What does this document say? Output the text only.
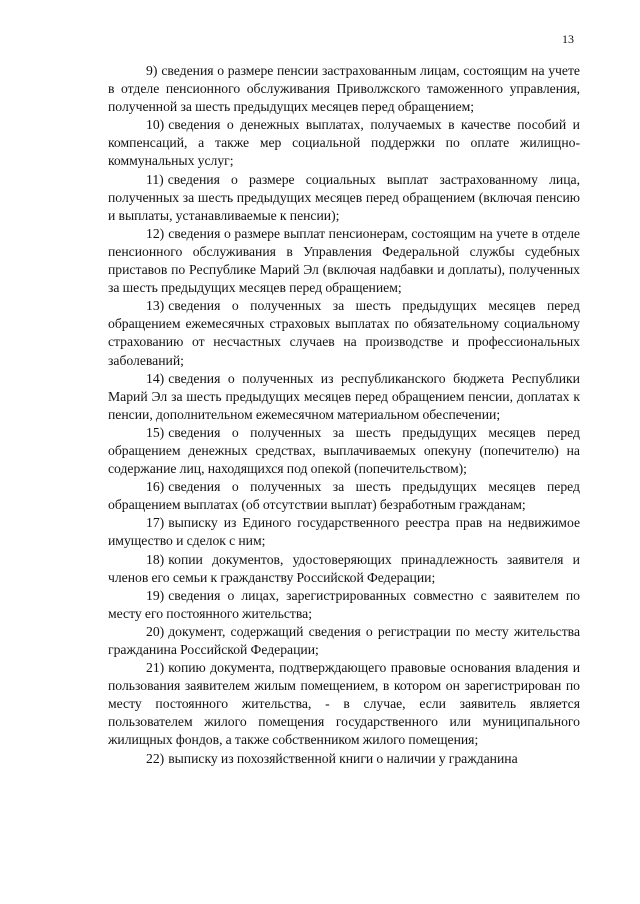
13

9) сведения о размере пенсии застрахованным лицам, состоящим на учете в отделе пенсионного обслуживания Приволжского таможенного управления, полученной за шесть предыдущих месяцев перед обращением;

10) сведения о денежных выплатах, получаемых в качестве пособий и компенсаций, а также мер социальной поддержки по оплате жилищно-коммунальных услуг;

11) сведения о размере социальных выплат застрахованному лица, полученных за шесть предыдущих месяцев перед обращением (включая пенсию и выплаты, устанавливаемые к пенсии);

12) сведения о размере выплат пенсионерам, состоящим на учете в отделе пенсионного обслуживания в Управления Федеральной службы судебных приставов по Республике Марий Эл (включая надбавки и доплаты), полученных за шесть предыдущих месяцев перед обращением;

13) сведения о полученных за шесть предыдущих месяцев перед обращением ежемесячных страховых выплатах по обязательному социальному страхованию от несчастных случаев на производстве и профессиональных заболеваний;

14) сведения о полученных из республиканского бюджета Республики Марий Эл за шесть предыдущих месяцев перед обращением пенсии, доплатах к пенсии, дополнительном ежемесячном материальном обеспечении;

15) сведения о полученных за шесть предыдущих месяцев перед обращением денежных средствах, выплачиваемых опекуну (попечителю) на содержание лиц, находящихся под опекой (попечительством);

16) сведения о полученных за шесть предыдущих месяцев перед обращением выплатах (об отсутствии выплат) безработным гражданам;

17) выписку из Единого государственного реестра прав на недвижимое имущество и сделок с ним;

18) копии документов, удостоверяющих принадлежность заявителя и членов его семьи к гражданству Российской Федерации;

19) сведения о лицах, зарегистрированных совместно с заявителем по месту его постоянного жительства;

20) документ, содержащий сведения о регистрации по месту жительства гражданина Российской Федерации;

21) копию документа, подтверждающего правовые основания владения и пользования заявителем жилым помещением, в котором он зарегистрирован по месту постоянного жительства, - в случае, если заявитель является пользователем жилого помещения государственного или муниципального жилищных фондов, а также собственником жилого помещения;

22) выписку из похозяйственной книги о наличии у гражданина
